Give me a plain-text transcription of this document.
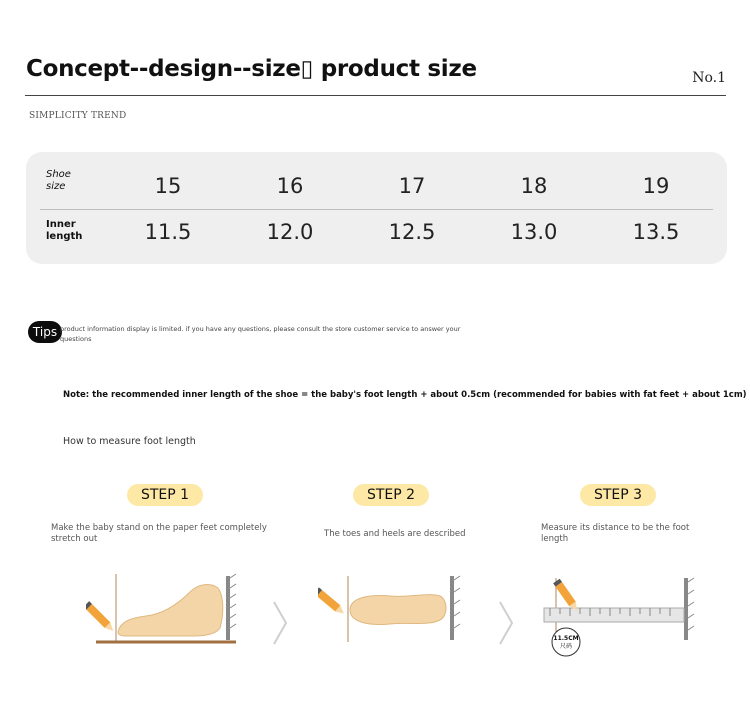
Concept--design--size▯ product size	No.1
SIMPLICITY TREND
Shoe
size	15	16	17	18	19
Inner
length	11.5	12.0	12.5	13.0	13.5
Tips product information display is limited. if you have any questions, please consult the store customer service to answer your questions
Note: the recommended inner length of the shoe = the baby's foot length + about 0.5cm (recommended for babies with fat feet + about 1cm)
How to measure foot length
STEP 1	STEP 2	STEP 3
Make the baby stand on the paper feet completely stretch out	The toes and heels are described
Measure its distance to be the foot length
11.5CM
尺码
